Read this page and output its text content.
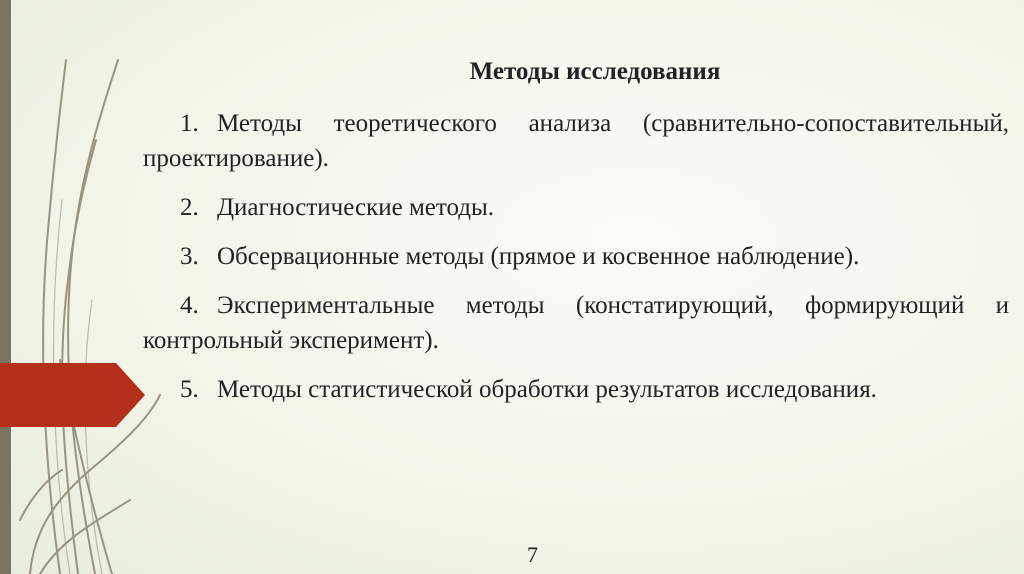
Методы исследования

1. Методы теоретического анализа (сравнительно-сопоставительный, проектирование).

2. Диагностические методы.

3. Обсервационные методы (прямое и косвенное наблюдение).

4. Экспериментальные методы (констатирующий, формирующий и контрольный эксперимент).

5. Методы статистической обработки результатов исследования.

7
